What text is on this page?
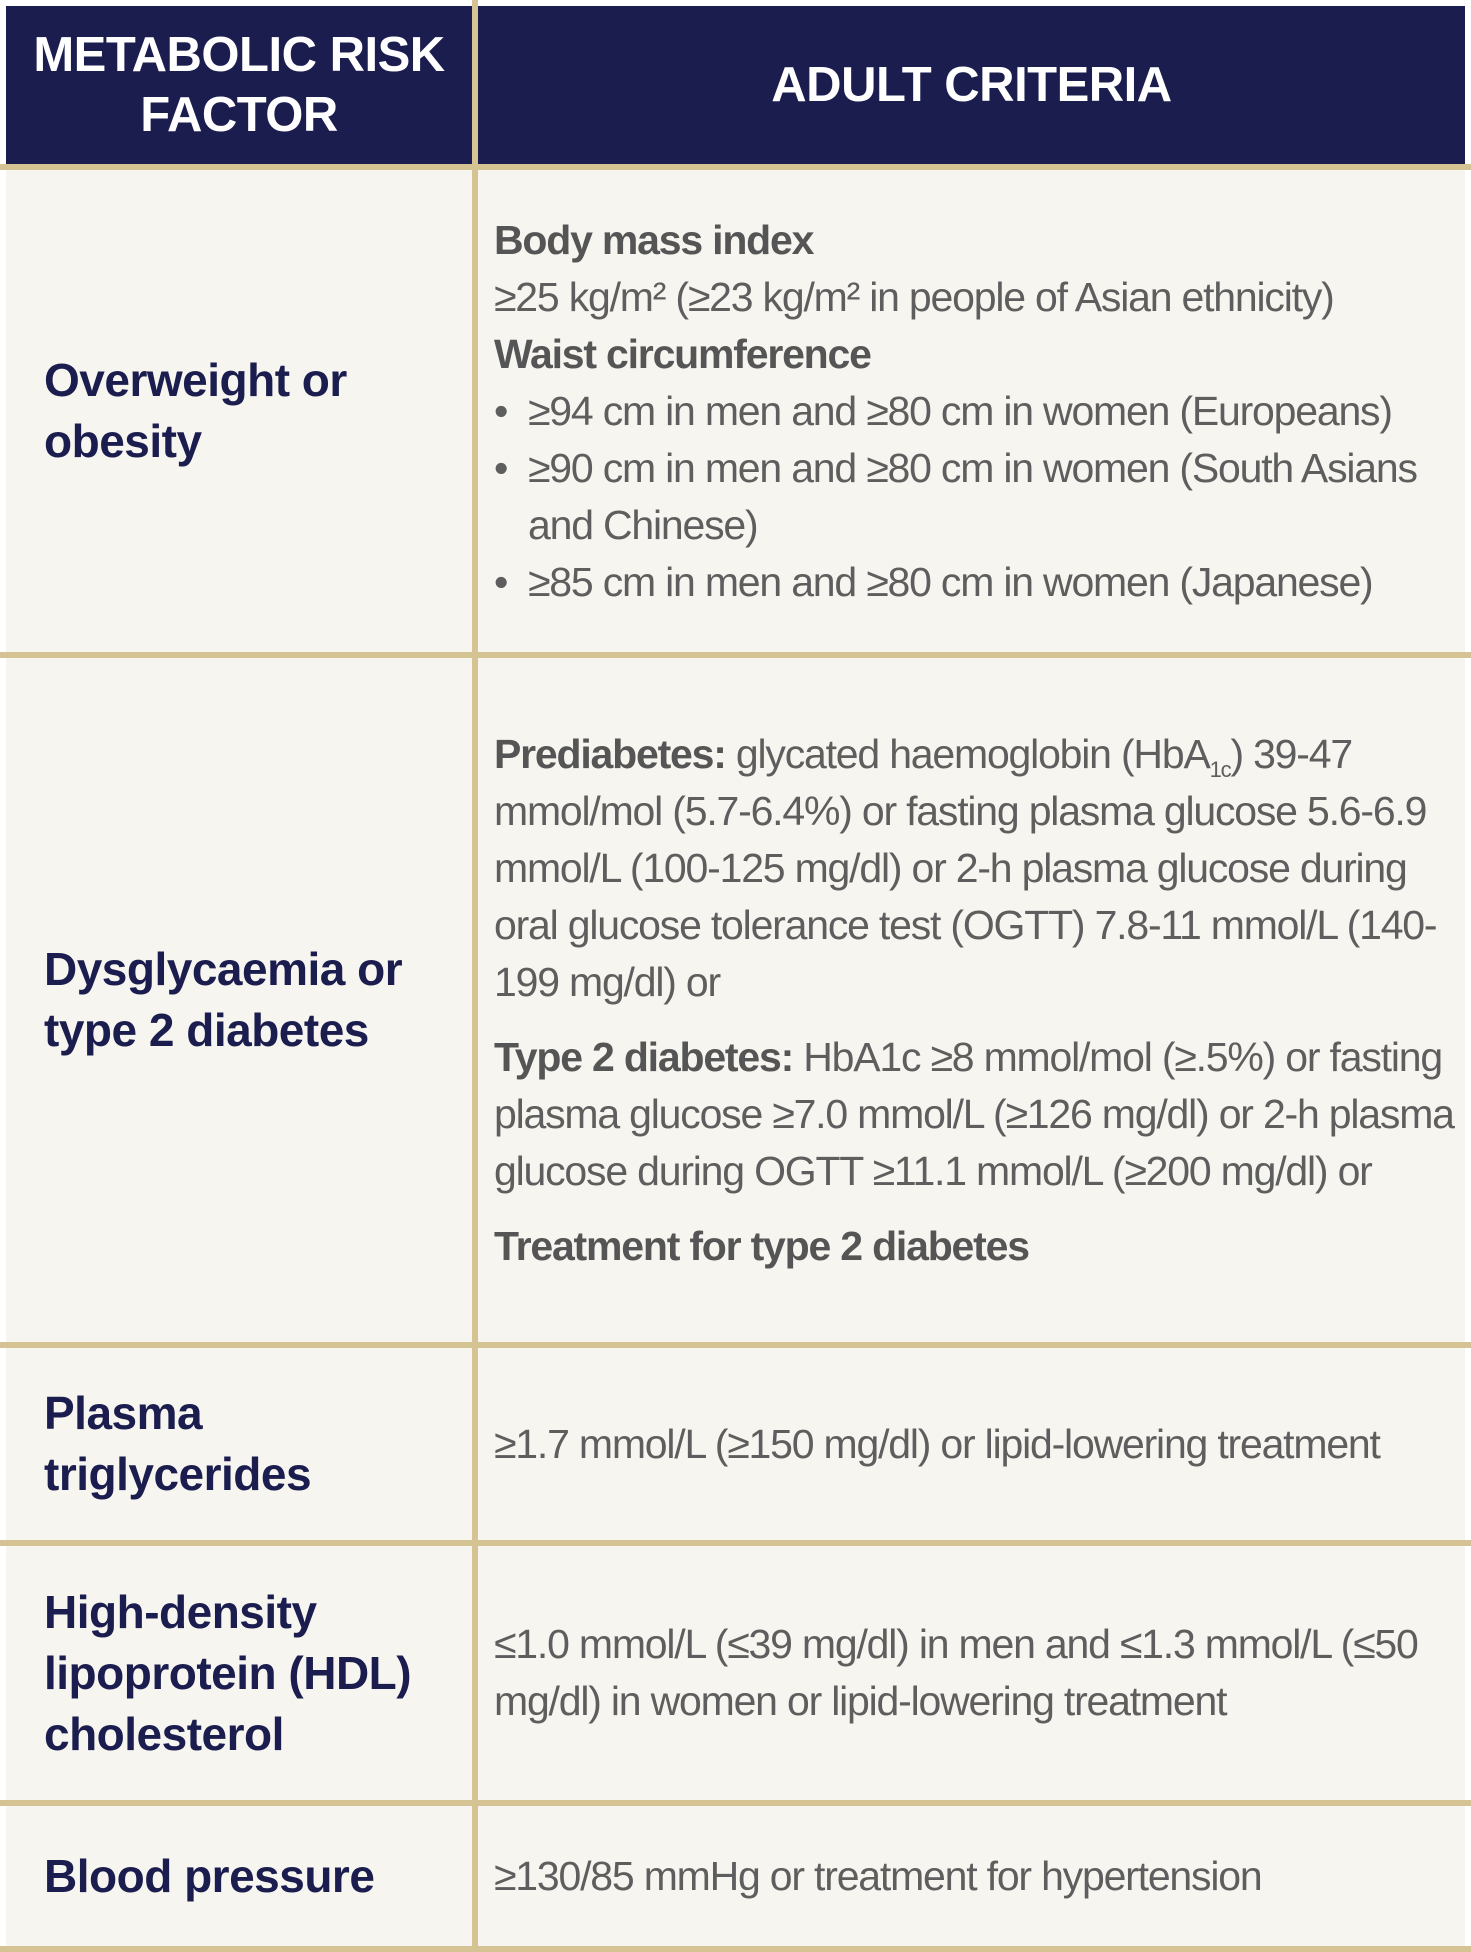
METABOLIC RISK FACTOR
ADULT CRITERIA
Overweight or obesity

Body mass index

≥25 kg/m² (≥23 kg/m² in people of Asian ethnicity)

Waist circumference

• ≥94 cm in men and ≥80 cm in women (Europeans)
• ≥90 cm in men and ≥80 cm in women (South Asians and Chinese)
• ≥85 cm in men and ≥80 cm in women (Japanese)
Dysglycaemia or type 2 diabetes

Prediabetes: glycated haemoglobin (HbA$_{1c}$) 39-47 mmol/mol (5.7-6.4%) or fasting plasma glucose 5.6-6.9 mmol/L (100-125 mg/dl) or 2-h plasma glucose during oral glucose tolerance test (OGTT) 7.8-11 mmol/L (140-199 mg/dl) or

Type 2 diabetes: HbA1c ≥8 mmol/mol (≥.5%) or fasting plasma glucose ≥7.0 mmol/L (≥126 mg/dl) or 2-h plasma glucose during OGTT ≥11.1 mmol/L (≥200 mg/dl) or

Treatment for type 2 diabetes

Plasma triglycerides
≥1.7 mmol/L (≥150 mg/dl) or lipid-lowering treatment
High-density lipoprotein (HDL) cholesterol
≤1.0 mmol/L (≤39 mg/dl) in men and ≤1.3 mmol/L (≤50 mg/dl) in women or lipid-lowering treatment
Blood pressure	≥130/85 mmHg or treatment for hypertension
